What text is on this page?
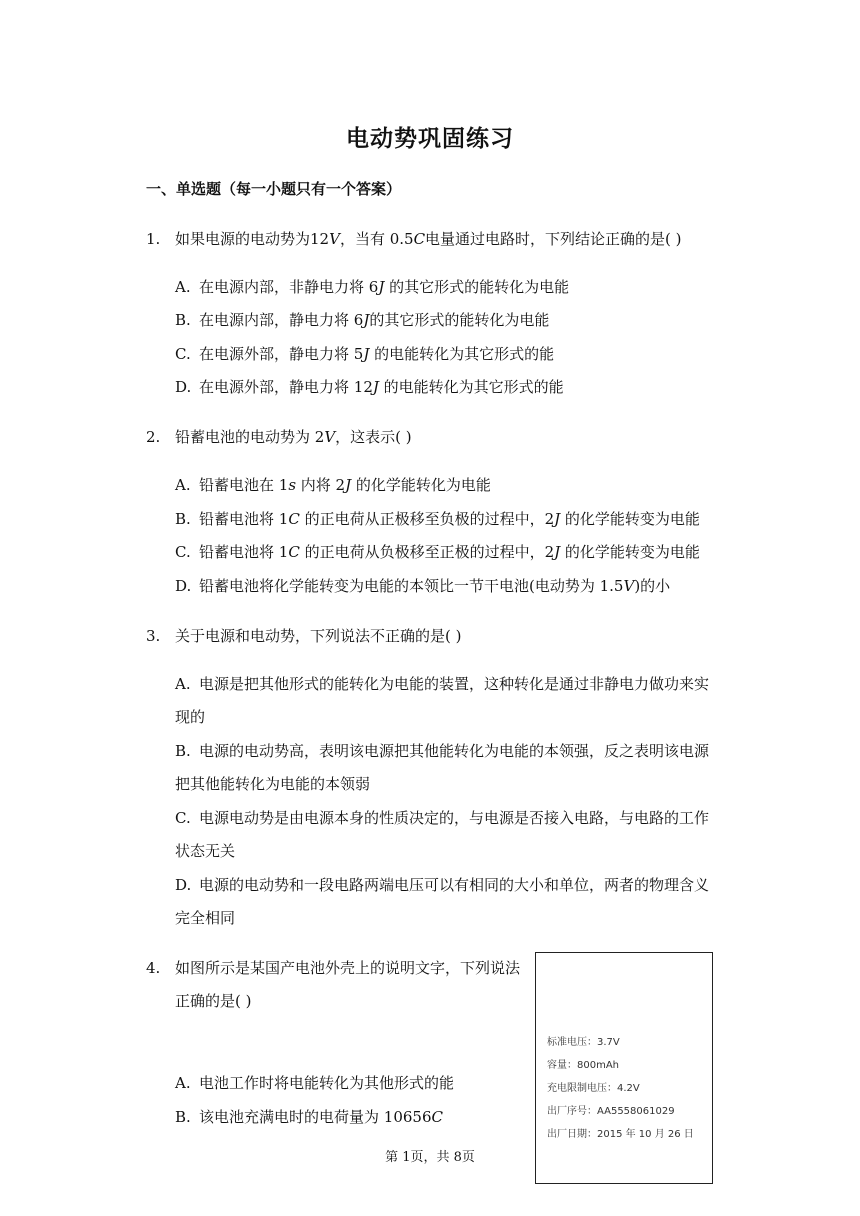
电动势巩固练习
一、单选题（每一小题只有一个答案）
1. 如果电源的电动势为12V，当有 0.5C电量通过电路时，下列结论正确的是( )
A. 在电源内部，非静电力将 6J 的其它形式的能转化为电能
B. 在电源内部，静电力将 6J的其它形式的能转化为电能
C. 在电源外部，静电力将 5J 的电能转化为其它形式的能
D. 在电源外部，静电力将 12J 的电能转化为其它形式的能
2. 铅蓄电池的电动势为 2V，这表示( )
A. 铅蓄电池在 1s 内将 2J 的化学能转化为电能
B. 铅蓄电池将 1C 的正电荷从正极移至负极的过程中，2J 的化学能转变为电能
C. 铅蓄电池将 1C 的正电荷从负极移至正极的过程中，2J 的化学能转变为电能
D. 铅蓄电池将化学能转变为电能的本领比一节干电池(电动势为 1.5V)的小
3. 关于电源和电动势，下列说法不正确的是( )
A. 电源是把其他形式的能转化为电能的装置，这种转化是通过非静电力做功来实
现的
B. 电源的电动势高，表明该电源把其他能转化为电能的本领强，反之表明该电源
把其他能转化为电能的本领弱
C. 电源电动势是由电源本身的性质决定的，与电源是否接入电路，与电路的工作
状态无关
D. 电源的电动势和一段电路两端电压可以有相同的大小和单位，两者的物理含义
完全相同
4. 如图所示是某国产电池外壳上的说明文字，下列说法
正确的是( )
A. 电池工作时将电能转化为其他形式的能
B. 该电池充满电时的电荷量为 10656C
标准电压：3.7V
容量：800mAh
充电限制电压：4.2V
出厂序号：AA5558061029
出厂日期：2015 年 10 月 26 日
第 1页，共 8页
